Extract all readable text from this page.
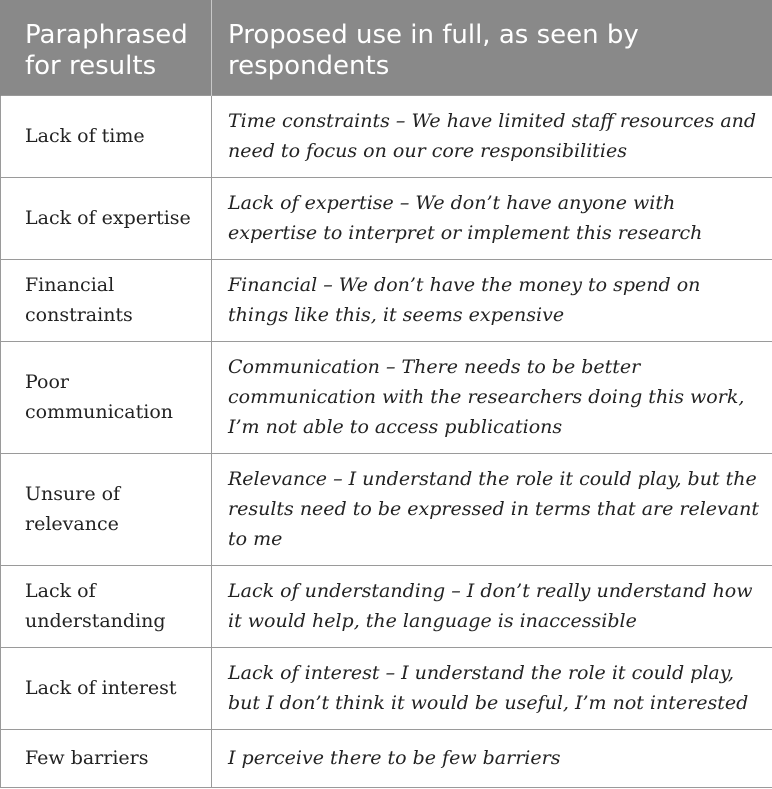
Paraphrased for results	Proposed use in full, as seen by respondents
Lack of time	Time constraints – We have limited staff resources and need to focus on our core responsibilities
Lack of expertise	Lack of expertise – We don’t have anyone with expertise to interpret or implement this research
Financial constraints	Financial – We don’t have the money to spend on things like this, it seems expensive
Poor communication	Communication – There needs to be better communication with the researchers doing this work, I’m not able to access publications
Unsure of relevance	Relevance – I understand the role it could play, but the results need to be expressed in terms that are relevant to me
Lack of understanding	Lack of understanding – I don’t really understand how it would help, the language is inaccessible
Lack of interest	Lack of interest – I understand the role it could play, but I don’t think it would be useful, I’m not interested
Few barriers	I perceive there to be few barriers
